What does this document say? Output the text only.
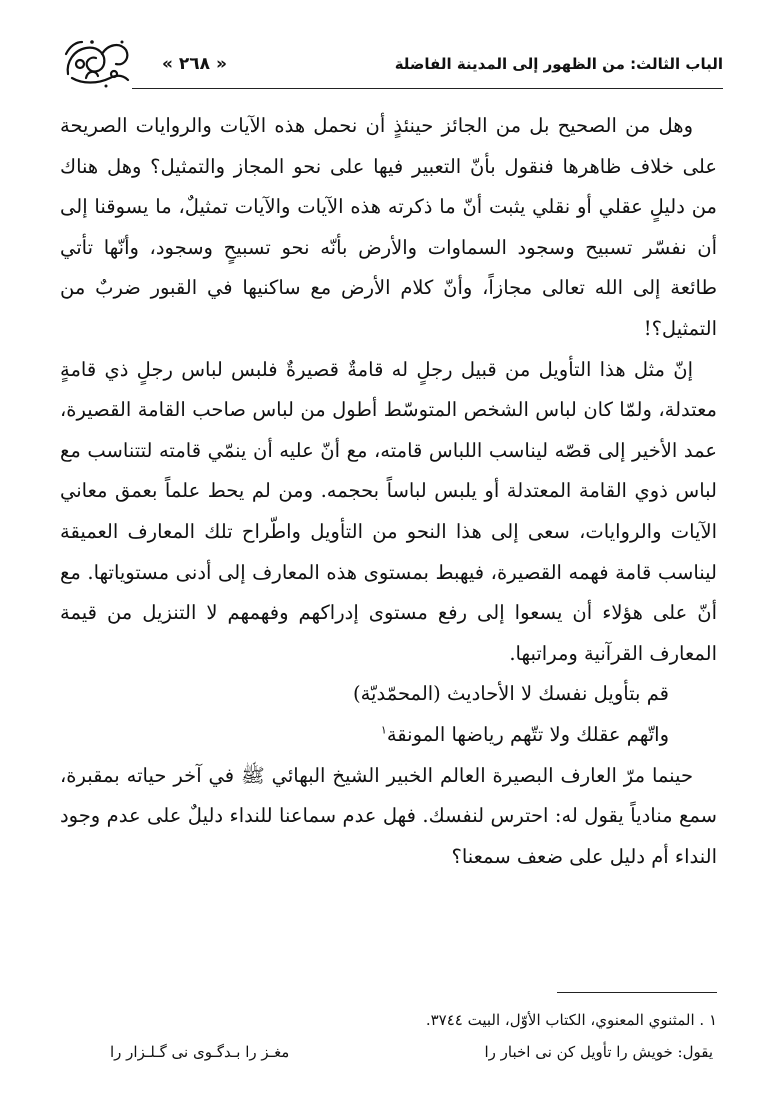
« ٢٦٨ »	الباب الثالث: من الظهور إلى المدينة الفاضلة

وهل من الصحيح بل من الجائز حينئذٍ أن نحمل هذه الآيات والروايات الصريحة على خلاف ظاهرها فنقول بأنّ التعبير فيها على نحو المجاز والتمثيل؟ وهل هناك من دليلٍ عقلي أو نقلي يثبت أنّ ما ذكرته هذه الآيات والآيات تمثيلٌ، ما يسوقنا إلى أن نفسّر تسبيح وسجود السماوات والأرض بأنّه نحو تسبيحٍ وسجود، وأنّها تأتي طائعة إلى الله تعالى مجازاً، وأنّ كلام الأرض مع ساكنيها في القبور ضربٌ من التمثيل؟!

إنّ مثل هذا التأويل من قبيل رجلٍ له قامةٌ قصيرةٌ فلبس لباس رجلٍ ذي قامةٍ معتدلة، ولمّا كان لباس الشخص المتوسّط أطول من لباس صاحب القامة القصيرة، عمد الأخير إلى قصّه ليناسب اللباس قامته، مع أنّ عليه أن ينمّي قامته لتتناسب مع لباس ذوي القامة المعتدلة أو يلبس لباساً بحجمه. ومن لم يحط علماً بعمق معاني الآيات والروايات، سعى إلى هذا النحو من التأويل واطّراح تلك المعارف العميقة ليناسب قامة فهمه القصيرة، فيهبط بمستوى هذه المعارف إلى أدنى مستوياتها. مع أنّ على هؤلاء أن يسعوا إلى رفع مستوى إدراكهم وفهمهم لا التنزيل من قيمة المعارف القرآنية ومراتبها.

قم بتأويل نفسك لا الأحاديث (المحمّديّة)

واتّهم عقلك ولا تتّهم رياضها المونقة$^١$

حينما مرّ العارف البصيرة العالم الخبير الشيخ البهائي ﷺ في آخر حياته بمقبرة، سمع منادياً يقول له: احترس لنفسك. فهل عدم سماعنا للنداء دليلٌ على عدم وجود النداء أم دليل على ضعف سمعنا؟

١ . المثنوي المعنوي، الكتاب الأوّل، البيت ٣٧٤٤.

يقول: خويش را تأويل كن نى اخبار را
مغـز را بـدگـوى نى گـلـزار را
